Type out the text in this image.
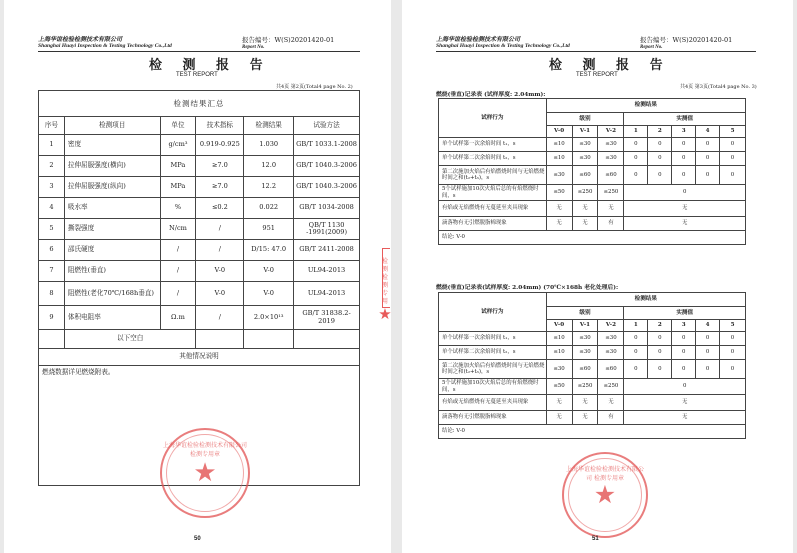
上海华谊检验检测技术有限公司
Shanghai Huayi Inspection & Testing Technology Co.,Ltd
报告编号：W(S)20201420-01
Report No.
检 测 报 告
TEST REPORT
共4页 第2页(Total4 page No. 2)
检测结果汇总					
序号	检测项目	单位	技术指标	检测结果	试验方法
1	密度	g/cm³	0.919-0.925	1.030	GB/T 1033.1-2008
2	拉伸屈服强度(横向)	MPa	≥7.0	12.0	GB/T 1040.3-2006
3	拉伸屈服强度(纵向)	MPa	≥7.0	12.2	GB/T 1040.3-2006
4	吸水率	%	≤0.2	0.022	GB/T 1034-2008
5	撕裂强度	N/cm	/	951	QB/T 1130 -1991(2009)
6	邵氏硬度	/	/	D/15: 47.0	GB/T 2411-2008
7	阻燃性(垂直)	/	V-0	V-0	UL94-2013
8	阻燃性(老化70℃/168h垂直)	/	V-0	V-0	UL94-2013
9	体积电阻率	Ω.m	/	2.0×10¹³	GB/T 31838.2-2019
	以下空白				
其他情况说明					
燃烧数据详见燃烧附表。					
上海华谊检验检测技术有限公司 检测专用章
★
50
检测 检测专用
★
上海华谊检验检测技术有限公司
Shanghai Huayi Inspection & Testing Technology Co.,Ltd
报告编号：W(S)20201420-01
Report No.
检 测 报 告
TEST REPORT
共4页 第3页(Total4 page No. 3)
燃烧(垂直)记录表 (试样厚度: 2.04mm):
试样行为	检测结果							
	级别			实测值				
	V-0	V-1	V-2	1	2	3	4	5
单个试样第一次余焰时间 t₁，s	≤10	≤30	≤30	0	0	0	0	0
单个试样第二次余焰时间 t₂，s	≤10	≤30	≤30	0	0	0	0	0
第二次施加火焰后有焰燃烧时间与无焰燃烧时间之和(t₂+t₃)，s	≤30	≤60	≤60	0	0	0	0	0
5个试样施加10次火焰后总的有焰燃烧时间，s	≤50	≤250	≤250	0				
有焰或无焰燃烧有无蔓延至夹具现象	无	无	无	无				
滴落物有无引燃脱脂棉现象	无	无	有	无				
结论: V-0								
燃烧(垂直)记录表(试样厚度: 2.04mm) (70℃×168h 老化处理后):
试样行为	检测结果							
	级别			实测值				
	V-0	V-1	V-2	1	2	3	4	5
单个试样第一次余焰时间 t₁，s	≤10	≤30	≤30	0	0	0	0	0
单个试样第二次余焰时间 t₂，s	≤10	≤30	≤30	0	0	0	0	0
第二次施加火焰后有焰燃烧时间与无焰燃烧时间之和(t₂+t₃)，s	≤30	≤60	≤60	0	0	0	0	0
5个试样施加10次火焰后总的有焰燃烧时间，s	≤50	≤250	≤250	0				
有焰或无焰燃烧有无蔓延至夹具现象	无	无	无	无				
滴落物有无引燃脱脂棉现象	无	无	有	无				
结论: V-0								
上海华谊检验检测技术有限公司 检测专用章
★
51
